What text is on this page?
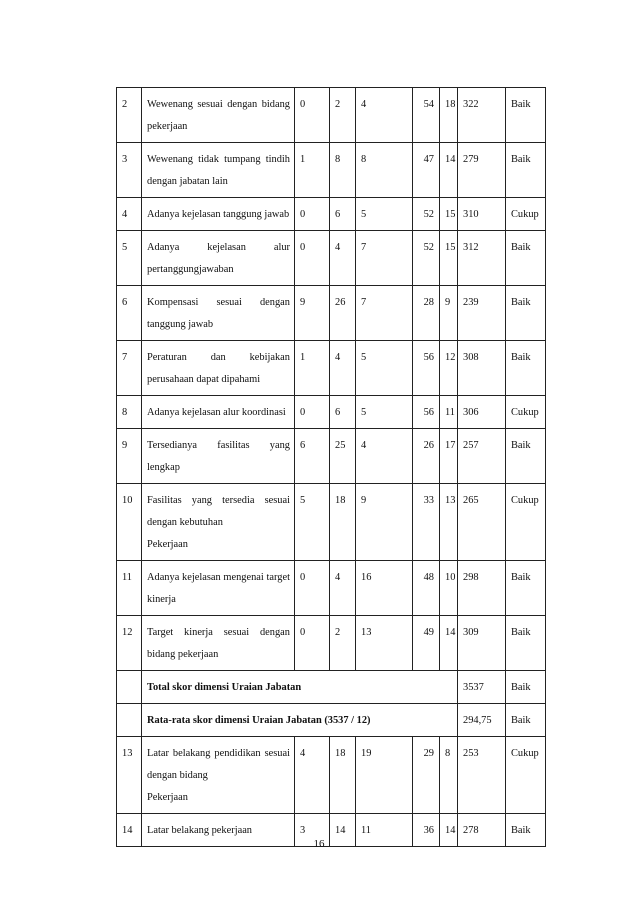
2	Wewenang sesuai dengan bidang pekerjaan	0	2	4	54	18	322	Baik
3	Wewenang tidak tumpang tindih dengan jabatan lain	1	8	8	47	14	279	Baik
4	Adanya kejelasan tanggung jawab	0	6	5	52	15	310	Cukup
5	Adanya kejelasan alur pertanggungjawaban	0	4	7	52	15	312	Baik
6	Kompensasi sesuai dengan tanggung jawab	9	26	7	28	9	239	Baik
7	Peraturan dan kebijakan perusahaan dapat dipahami	1	4	5	56	12	308	Baik
8	Adanya kejelasan alur koordinasi	0	6	5	56	11	306	Cukup
9	Tersedianya fasilitas yang lengkap	6	25	4	26	17	257	Baik
10	Fasilitas yang tersedia sesuai dengan kebutuhan
Pekerjaan	5	18	9	33	13	265	Cukup
11	Adanya kejelasan mengenai target kinerja	0	4	16	48	10	298	Baik
12	Target kinerja sesuai dengan bidang pekerjaan	0	2	13	49	14	309	Baik
	Total skor dimensi Uraian Jabatan						3537	Baik
	Rata-rata skor dimensi Uraian Jabatan (3537 / 12)						294,75	Baik
13	Latar belakang pendidikan sesuai dengan bidang
Pekerjaan	4	18	19	29	8	253	Cukup
14	Latar belakang pekerjaan	3	14	11	36	14	278	Baik
16
